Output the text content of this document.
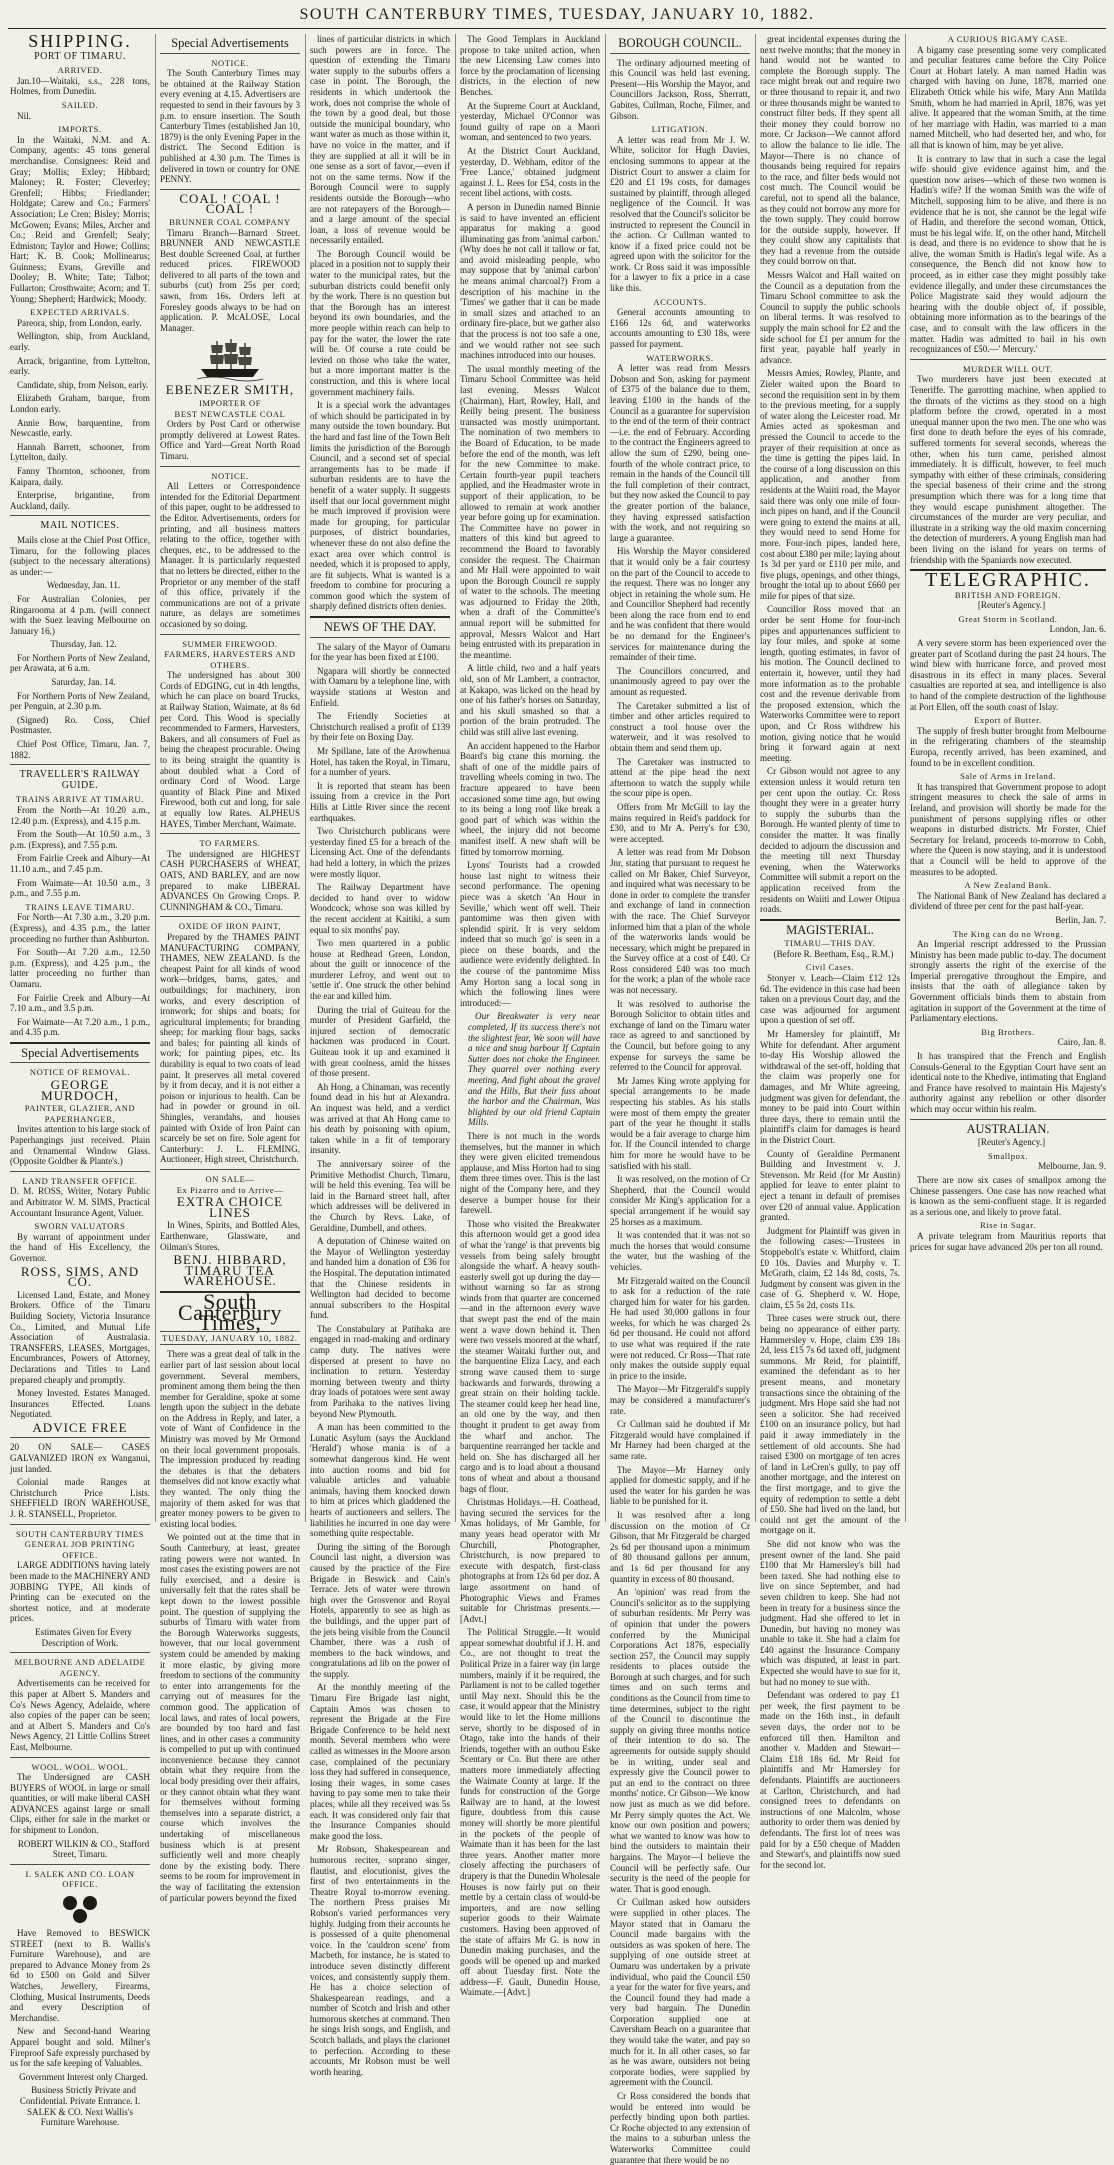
SOUTH CANTERBURY TIMES, TUESDAY, JANUARY 10, 1882.
SHIPPING.
PORT OF TIMARU.
ARRIVED.

Jan.10—Waitaki, s.s., 228 tons, Holmes, from Dunedin.

SAILED.

Nil.

IMPORTS.

In the Waitaki, N.M. and A. Company, agents: 45 tons general merchandise. Consignees: Reid and Gray; Mollis; Exley; Hibbard; Maloney; R. Foster; Cleverley; Grenfell; Hibbs; Friedlander; Holdgate; Carew and Co.; Farmers' Association; Le Cren; Bisley; Morris; McGowen; Evans; Miles, Archer and Co.; Reid and Grenfell; Sealy; Edmiston; Taylor and Howe; Collins; Hart; K. B. Cook; Mollinearus; Guinness; Evans, Greville and Dooley; B. White; Tate; Talbot; Fullarton; Crosthwaite; Acorn; and T. Young; Shepherd; Hardwick; Moody.

EXPECTED ARRIVALS.

Pareora, ship, from London, early.

Wellington, ship, from Auckland, early.

Arrack, brigantine, from Lyttelton, early.

Candidate, ship, from Nelson, early.

Elizabeth Graham, barque, from London early.

Annie Bow, barquentine, from Newcastle, early.

Hannah Barrett, schooner, from Lyttelton, daily.

Fanny Thornton, schooner, from Kaipara, daily.

Enterprise, brigantine, from Auckland, daily.

MAIL NOTICES.

Mails close at the Chief Post Office, Timaru, for the following places (subject to the necessary alterations) as under:—

Wednesday, Jan. 11.

For Australian Colonies, per Ringarooma at 4 p.m. (will connect with the Suez leaving Melbourne on January 16.)

Thursday, Jan. 12.

For Northern Ports of New Zealand, per Arawata, at 6 a.m.

Saturday, Jan. 14.

For Northern Ports of New Zealand, per Penguin, at 2.30 p.m.

(Signed) Ro. Coss, Chief Postmaster.

Chief Post Office, Timaru, Jan. 7, 1882.

TRAVELLER'S RAILWAY GUIDE.
TRAINS ARRIVE AT TIMARU.

From the North—At 10.20 a.m., 12.40 p.m. (Express), and 4.15 p.m.

From the South—At 10.50 a.m., 3 p.m. (Express), and 7.55 p.m.

From Fairlie Creek and Albury—At 11.10 a.m., and 7.45 p.m.

From Waimate—At 10.50 a.m., 3 p.m., and 7.55 p.m.

TRAINS LEAVE TIMARU.

For North—At 7.30 a.m., 3.20 p.m. (Express), and 4.35 p.m., the latter proceeding no further than Ashburton.

For South—At 7.20 a.m., 12.50 p.m. (Express), and 4.25 p.m., the latter proceeding no further than Oamaru.

For Fairlie Creek and Albury—At 7.10 a.m., and 3.5 p.m.

For Waimate—At 7.20 a.m., 1 p.m., and 4.35 p.m.

Special Advertisements
NOTICE OF REMOVAL.
GEORGE MURDOCH,
PAINTER, GLAZIER, AND PAPERHANGER,

Invites attention to his large stock of Paperhangings just received. Plain and Ornamental Window Glass. (Opposite Goldber & Plante's.)

LAND TRANSFER OFFICE.

D. M. ROSS, Writer, Notary Public and Arbitrator W. M. SIMS, Practical Accountant Insurance Agent, Valuer.

SWORN VALUATORS

By warrant of appointment under the hand of His Excellency, the Governor.

ROSS, SIMS, AND CO.

Licensed Land, Estate, and Money Brokers. Office of the Timaru Building Society, Victoria Insurance Co., Limited, and Mutual Life Association of Australasia. TRANSFERS, LEASES, Mortgages, Encumbrances, Powers of Attorney, Declarations and Titles to Land prepared cheaply and promptly.

Money Invested. Estates Managed. Insurances Effected. Loans Negotiated.

ADVICE FREE

20 ON SALE— CASES GALVANIZED IRON ex Wanganui, just landed.

Colonial made Ranges at Christchurch Price Lists. SHEFFIELD IRON WAREHOUSE, J. R. STANSELL, Proprietor.

SOUTH CANTERBURY TIMES GENERAL JOB PRINTING OFFICE.

LARGE ADDITIONS having lately been made to the MACHINERY AND JOBBING TYPE, All kinds of Printing can be executed on the shortest notice, and at moderate prices.

Estimates Given for Every Description of Work.

MELBOURNE AND ADELAIDE AGENCY.

Advertisements can be received for this paper at Albert S. Manders and Co's News Agency, Adelaide, where also copies of the paper can be seen; and at Albert S. Manders and Co's News Agency, 21 Little Collins Street East, Melbourne.

WOOL. WOOL. WOOL.

The Undersigned are CASH BUYERS of WOOL in large or small quantities, or will make liberal CASH ADVANCES against large or small Clips, either for sale in the market or for shipment to London.

ROBERT WILKIN & CO., Stafford Street, Timaru.

I. SALEK AND CO. LOAN OFFICE.

Have Removed to BESWICK STREET (next to B. Wallis's Furniture Warehouse), and are prepared to Advance Money from 2s 6d to £500 on Gold and Silver Watches, Jewellery, Firearms, Clothing, Musical Instruments, Deeds and every Description of Merchandise.

New and Second-hand Wearing Apparel bought and sold. Milner's Fireproof Safe expressly purchased by us for the safe keeping of Valuables.

Government Interest only Charged.

Business Strictly Private and Confidential. Private Entrance. I. SALEK & CO. Next Wallis's Furniture Warehouse.

Special Advertisements
NOTICE.

The South Canterbury Times may be obtained at the Railway Station every evening at 4.15. Advertisers are requested to send in their favours by 3 p.m. to ensure insertion. The South Canterbury Times (established Jan 10, 1879) is the only Evening Paper in the district. The Second Edition is published at 4.30 p.m. The Times is delivered in town or country for ONE PENNY.

COAL ! COAL ! COAL !
BRUNNER COAL COMPANY

Timaru Branch—Barnard Street. BRUNNER AND NEWCASTLE Best double Screened Coal, at further reduced prices. FIREWOOD delivered to all parts of the town and suburbs (cut) from 25s per cord; sawn, from 16s. Orders left at Foresley goods always to be had on application. P. McALOSE, Local Manager.

EBENEZER SMITH,
IMPORTER OF
BEST NEWCASTLE COAL

Orders by Post Card or otherwise promptly delivered at Lowest Rates. Office and Yard—Great North Road Timaru.

NOTICE.

All Letters or Correspondence intended for the Editorial Department of this paper, ought to be addressed to the Editor. Advertisements, orders for printing, and all business matters relating to the office, together with cheques, etc., to be addressed to the Manager. It is particularly requested that no letters be directed, either to the Proprietor or any member of the staff of this office, privately if the communications are not of a private nature, as delays are sometimes occasioned by so doing.

SUMMER FIREWOOD.
FARMERS, HARVESTERS AND OTHERS.

The undersigned has about 300 Cords of EDGING, cut in 4th lengths, which he can place on board Trucks, at Railway Station, Waimate, at 8s 6d per Cord. This Wood is specially recommended to Farmers, Harvesters, Bakers, and all consumers of Fuel as being the cheapest procurable. Owing to its being straight the quantity is about doubled what a Cord of ordinary Cord of Wood. Large quantity of Black Pine and Mixed Firewood, both cut and long, for sale at equally low Rates. ALPHEUS HAYES, Timber Merchant, Waimate.

TO FARMERS.

The undersigned are HIGHEST CASH PURCHASERS of WHEAT, OATS, AND BARLEY, and are now prepared to make LIBERAL ADVANCES On Growing Crops. P. CUNNINGHAM & CO., Timaru.

OXIDE OF IRON PAINT,

Prepared by the THAMES PAINT MANUFACTURING COMPANY, THAMES, NEW ZEALAND. Is the cheapest Paint for all kinds of wood work—bridges, barns, gates, and outbuildings; for machinery, iron works, and every description of ironwork; for ships and boats; for agricultural implements; for branding sheep; for marking flour bags, sacks and bales; for painting all kinds of work; for painting pipes, etc. Its durability is equal to two coats of lead paint. It preserves all metal covered by it from decay, and it is not either a poison or injurious to health. Can be had in powder or ground in oil. Shingles, verandahs, and houses painted with Oxide of Iron Paint can scarcely be set on fire. Sole agent for Canterbury: J. L. FLEMING, Auctioneer, High street, Christchurch.

ON SALE—
Ex Pizarro and to Arrive—
EXTRA CHOICE LINES

In Wines, Spirits, and Bottled Ales, Earthenware, Glassware, and Oilman's Stores.

BENJ. HIBBARD, TIMARU TEA WAREHOUSE.
South Canterbury Times,
TUESDAY, JANUARY 10, 1882.

There was a great deal of talk in the earlier part of last session about local government. Several members, prominent among them being the then member for Geraldine, spoke at some length upon the subject in the debate on the Address in Reply, and later, a vote of Want of Confidence in the Ministry was moved by Mr Ormond on their local government proposals. The impression produced by reading the debates is that the debaters themselves did not know exactly what they wanted. The only thing the majority of them asked for was that greater money powers to be given to existing local bodies.

We pointed out at the time that in South Canterbury, at least, greater rating powers were not wanted. In most cases the existing powers are not fully exercised, and a desire is universally felt that the rates shall be kept down to the lowest possible point. The question of supplying the suburbs of Timaru with water from the Borough Waterworks suggests, however, that our local government system could be amended by making it more elastic, by giving more freedom to sections of the community to enter into arrangements for the carrying out of measures for the common good. The application of local laws, and rates of local powers, are bounded by too hard and fast lines, and in other cases a community is compelled to put up with continued inconvenience because they cannot obtain what they require from the local body presiding over their affairs, or they cannot obtain what they want for themselves without forming themselves into a separate district, a course which involves the undertaking of miscellaneous business which is at present sufficiently well and more cheaply done by the existing body. There seems to be room for improvement in the way of facilitating the extension of particular powers beyond the fixed

lines of particular districts in which such powers are in force. The question of extending the Timaru water supply to the suburbs offers a case in point. The Borough, the residents in which undertook the work, does not comprise the whole of the town by a good deal, but those outside the municipal boundary, who want water as much as those within it, have no voice in the matter, and if they are supplied at all it will be in one sense as a sort of favor,—even if not on the same terms. Now if the Borough Council were to supply residents outside the Borough—who are not ratepayers of the Borough—and a large amount of the special loan, a loss of revenue would be necessarily entailed.

The Borough Council would be placed in a position not to supply their water to the municipal rates, but the suburban districts could benefit only by the work. There is no question but that the Borough has an interest beyond its own boundaries, and the more people within reach can help to pay for the water, the lower the rate will be. Of course a rate could be levied on those who take the water, but a more important matter is the construction, and this is where local government machinery fails.

It is a special work the advantages of which should be participated in by many outside the town boundary. But the hard and fast line of the Town Belt limits the jurisdiction of the Borough Council, and a second set of special arrangements has to be made if suburban residents are to have the benefit of a water supply. It suggests itself that our local government might be much improved if provision were made for grouping, for particular purposes, of district boundaries, whenever these do not also define the exact area over which control is needed, which it is proposed to apply, are fit subjects. What is wanted is a freedom to combine for procuring a common good which the system of sharply defined districts often denies.

NEWS OF THE DAY.

The salary of the Mayor of Oamaru for the year has been fixed at £100.

Ngapara will shortly be connected with Oamaru by a telephone line, with wayside stations at Weston and Enfield.

The Friendly Societies at Christchurch realised a profit of £139 by their fete on Boxing Day.

Mr Spillane, late of the Arowhenua Hotel, has taken the Royal, in Timaru, for a number of years.

It is reported that steam has been issuing from a crevice in the Port Hills at Little River since the recent earthquakes.

Two Christchurch publicans were yesterday fined £5 for a breach of the Licensing Act. One of the defendants had held a lottery, in which the prizes were mostly liquor.

The Railway Department have decided to hand over to widow Woodcock, whose son was killed by the recent accident at Kaitiki, a sum equal to six months' pay.

Two men quartered in a public house at Redhead Green, London, about the guilt or innocence of the murderer Lefroy, and went out to 'settle it'. One struck the other behind the ear and killed him.

During the trial of Guiteau for the murder of President Garfield, the injured section of democratic hackmen was produced in Court. Guiteau took it up and examined it with great coolness, amid the hisses of those present.

Ah Hong, a Chinaman, was recently found dead in his hut at Alexandra. An inquest was held, and a verdict was arrived at that Ah Hong came to his death by poisoning with opium, taken while in a fit of temporary insanity.

The anniversary soiree of the Primitive Methodist Church, Timaru, will be held this evening. Tea will be laid in the Barnard street hall, after which addresses will be delivered in the Church by Revs. Lake, of Geraldine, Dumbell, and others.

A deputation of Chinese waited on the Mayor of Wellington yesterday and handed him a donation of £36 for the Hospital. The deputation intimated that the Chinese residents in Wellington had decided to become annual subscribers to the Hospital fund.

The Constabulary at Patihaka are engaged in road-making and ordinary camp duty. The natives were dispersed at present to have no inclination to return. Yesterday morning between twenty and thirty dray loads of potatoes were sent away from Parihaka to the natives living beyond New Plymouth.

A man has been committed to the Lunatic Asylum (says the Auckland 'Herald') whose mania is of a somewhat dangerous kind. He went into auction rooms and bid for valuable articles and valuable animals, having them knocked down to him at prices which gladdened the hearts of auctioneers and sellers. The liabilities he incurred in one day were something quite respectable.

During the sitting of the Borough Council last night, a diversion was caused by the practice of the Fire Brigade in Beswick and Cain's Terrace. Jets of water were thrown high over the Grosvenor and Royal Hotels, apparently to see as high as the buildings, and the upper part of the jets being visible from the Council Chamber, there was a rush of members to the back windows, and congratulations ad lib on the power of the supply.

At the monthly meeting of the Timaru Fire Brigade last night, Captain Amos was chosen to represent the Brigade at the Fire Brigade Conference to be held next month. Several members who were called as witnesses in the Moore arson case, complained of the pecuniary loss they had suffered in consequence, losing their wages, in some cases having to pay some men to take their places, while all they received was 5s each. It was considered only fair that the Insurance Companies should make good the loss.

Mr Robson, Shakespearean and humorous reciter, soprano singer, flautist, and elocutionist, gives the first of two entertainments in the Theatre Royal to-morrow evening. The northern Press praises Mr Robson's varied performances very highly. Judging from their accounts he is possessed of a quite phenomenal voice. In the 'cauldron scene' from Macbeth, for instance, he is stated to introduce seven distinctly different voices, and consistently supply them. He has a choice selection of Shakespearean readings, and a number of Scotch and Irish and other humorous sketches at command. Then he sings Irish songs, and English, and Scotch ballads, and plays the clarionet to perfection. According to these accounts, Mr Robson must be well worth hearing.

The Good Templars in Auckland propose to take united action, when the new Licensing Law comes into force by the proclamation of licensing districts, in the election of new Benches.

At the Supreme Court at Auckland, yesterday, Michael O'Connor was found guilty of rape on a Maori woman, and sentenced to two years.

At the District Court Auckland, yesterday, D. Webham, editor of the 'Free Lance,' obtained judgment against J. L. Rees for £54, costs in the recent libel actions, with costs.

A person in Dunedin named Binnie is said to have invented an efficient apparatus for making a good illuminating gas from 'animal carbon.' (Why does he not call it tallow or fat, and avoid misleading people, who may suppose that by 'animal carbon' he means animal charcoal?) From a description of his machine in the 'Times' we gather that it can be made in small sizes and attached to an ordinary fire-place, but we gather also that the process is not too safe a one, and we would rather not see such machines introduced into our houses.

The usual monthly meeting of the Timaru School Committee was held last evening. Messrs Walcot (Chairman), Hart, Rowley, Hall, and Reilly being present. The business transacted was mostly unimportant. The nomination of two members to the Board of Education, to be made before the end of the month, was left for the new Committee to make. Certain fourth-year pupil teachers applied, and the Headmaster wrote in support of their application, to be allowed to remain at work another year before going up for examination. The Committee have no power in matters of this kind but agreed to recommend the Board to favorably consider the request. The Chairman and Mr Hall were appointed to wait upon the Borough Council re supply of water to the schools. The meeting was adjourned to Friday the 20th, when a draft of the Committee's annual report will be submitted for approval, Messrs Walcot and Hart being entrusted with its preparation in the meantime.

A little child, two and a half years old, son of Mr Lambert, a contractor, at Kakapo, was licked on the head by one of his father's horses on Saturday, and his skull smashed so that a portion of the brain protruded. The child was still alive last evening.

An accident happened to the Harbor Board's big crane this morning. the shaft of one of the middle pairs of travelling wheels coming in two. The fracture appeared to have been occasioned some time ago, but owing to its being a long roof like break a good part of which was within the wheel, the injury did not become manifest itself. A new shaft will be fitted by tomorrow morning.

Lyons' Tourists had a crowded house last night to witness their second performance. The opening piece was a sketch 'An Hour in Seville,' which went off well. Their pantomime was then given with splendid spirit. It is very seldom indeed that so much 'go' is seen in a piece on these boards, and the audience were evidently delighted. In the course of the pantomime Miss Amy Horton sang a local song in which the following lines were introduced:—

Our Breakwater is very near completed, If its success there's not the slightest fear, We soon will have a nice and snug harbour If Captain Sutter does not choke the Engineer. They quarrel over nothing every meeting, And fight about the gravel and the Hills, But their fuss about the harbor and the Chairman, Was blighted by our old friend Captain Mills.

There is not much in the words themselves, but the manner in which they were given elicited tremendous applause, and Miss Horton had to sing them three times over. This is the last night of the Company here, and they deserve a bumper house for their farewell.

Those who visited the Breakwater this afternoon would get a good idea of what the 'range' is that prevents big vessels from being safely brought alongside the wharf. A heavy south-easterly swell got up during the day—without warning so far as strong winds from that quarter are concerned—and in the afternoon every wave that swept past the end of the main went a wave down behind it. Then were two vessels moored at the wharf, the steamer Waitaki further out, and the barquentine Eliza Lacy, and each strong wave caused them to surge backwards and forwards, throwing a great strain on their holding tackle. The steamer could keep her head line, an old one by the way, and then thought it prudent to get away from the wharf and anchor. The barquentine rearranged her tackle and held on. She has discharged all her cargo and is to load about a thousand tons of wheat and about a thousand bags of flour.

Christmas Holidays.—H. Coathead, having secured the services for the Xmas holidays, of Mr Gamble, for many years head operator with Mr Churchill, Photographer, Christchurch, is now prepared to execute with despatch, first-class photographs at from 12s 6d per doz. A large assortment on hand of Photographic Views and Frames suitable for Christmas presents.—[Advt.]

The Political Struggle.—It would appear somewhat doubtful if J. H. and Co., are not thought to treat the Political Prize in a fairer way (in large numbers, mainly if it be required, the Parliament is not to be called together until May next. Should this be the case, it would appear that the Ministry would like to let the Home millions serve, shortly to be disposed of in Otago, take into the hands of their friends, together with an outhou Eske Scentary or Co. But there are other matters more immediately affecting the Waimate County at large. If the funds for construction of the Gorge Railway are to hand, at the lowest figure, doubtless from this cause money will shortly be more plentiful in the pockets of the people of Waimate than it has been for the last three years. Another matter more closely affecting the purchasers of drapery is that the Dunedin Wholesale Houses is now fairly put on their mettle by a certain class of would-be importers, and are now selling superior goods to their Waimate customers. Having been approved of the state of affairs Mr G. is now in Dunedin making purchases, and the goods will be opened up and marked off about Tuesday first. Note the address—F. Gault, Dunedin House, Waimate.—[Advt.]

BOROUGH COUNCIL.

The ordinary adjourned meeting of this Council was held last evening. Present—His Worship the Mayor, and Councillors Jackson, Ross, Sherratt, Gabites, Cullman, Roche, Filmer, and Gibson.

LITIGATION.

A letter was read from Mr J. W. White, solicitor for Hugh Davies, enclosing summons to appear at the District Court to answer a claim for £20 and £1 19s costs, for damages sustained by plaintiff, through alleged negligence of the Council. It was resolved that the Council's solicitor be instructed to represent the Council in the action. Cr Cullman wanted to know if a fixed price could not be agreed upon with the solicitor for the work. Cr Ross said it was impossible for a lawyer to fix a price in a case like this.

ACCOUNTS.

General accounts amounting to £166 12s 6d, and waterworks accounts amounting to £30 18s, were passed for payment.

WATERWORKS.

A letter was read from Messrs Dobson and Son, asking for payment of £375 of the balance due to them, leaving £100 in the hands of the Council as a guarantee for supervision to the end of the term of their contract—i.e. the end of February. According to the contract the Engineers agreed to allow the sum of £290, being one-fourth of the whole contract price, to remain in the hands of the Council till the full completion of their contract, but they now asked the Council to pay the greater portion of the balance, they having expressed satisfaction with the work, and not requiring so large a guarantee.

His Worship the Mayor considered that it would only be a fair courtesy on the part of the Council to accede to the request. There was no longer any object in retaining the whole sum. He and Councillor Shepherd had recently been along the race from end to end and he was confident that there would be no demand for the Engineer's services for maintenance during the remainder of their time.

The Councillors concurred, and unanimously agreed to pay over the amount as requested.

The Caretaker submitted a list of timber and other articles required to construct a tool house over the waterweir, and it was resolved to obtain them and send them up.

The Caretaker was instructed to attend at the pipe head the next afternoon to watch the supply while the scour pipe is open.

Offers from Mr McGill to lay the mains required in Reid's paddock for £30, and to Mr A. Perry's for £30, were accepted.

A letter was read from Mr Dobson Jnr, stating that pursuant to request he called on Mr Baker, Chief Surveyor, and inquired what was necessary to be done in order to complete the transfer and exchange of land in connection with the race. The Chief Surveyor informed him that a plan of the whole of the waterworks lands would be necessary, which might be prepared in the Survey office at a cost of £40. Cr Ross considered £40 was too much for the work; a plan of the whole race was not necessary.

It was resolved to authorise the Borough Solicitor to obtain titles and exchange of land on the Timaru water race as agreed to and sanctioned by the Council, but before going to any expense for surveys the same be referred to the Council for approval.

Mr James King wrote applying for special arrangements to be made respecting his stables. As his stalls were most of them empty the greater part of the year he thought it stalls would be a fair average to charge him for. If the Council intended to charge him for more he would have to be satisfied with his stall.

It was resolved, on the motion of Cr Shepherd, that the Council would consider Mr King's application for a special arrangement if he would say 25 horses as a maximum.

It was contended that it was not so much the horses that would consume the water, but the washing of the vehicles.

Mr Fitzgerald waited on the Council to ask for a reduction of the rate charged him for water for his garden. He had used 30,000 gallons in four weeks, for which he was charged 2s 6d per thousand. He could not afford to use what was required if the rate were not reduced. Cr Ross—That rate only makes the outside supply equal in price to the inside.

The Mayor—Mr Fitzgerald's supply may be considered a manufacturer's rate.

Cr Cullman said he doubted if Mr Fitzgerald would have complained if Mr Harney had been charged at the same rate.

The Mayor—Mr Harney only applied for domestic supply, and if he used the water for his garden he was liable to be punished for it.

It was resolved after a long discussion on the motion of Cr Gibson, that Mr Fitzgerald be charged 2s 6d per thousand upon a minimum of 80 thousand gallons per annum, and 1s 6d per thousand for any quantity in excess of 80 thousand.

An 'opinion' was read from the Council's solicitor as to the supplying of suburban residents. Mr Perry was of opinion that under the powers conferred by the Municipal Corporations Act 1876, especially section 257, the Council may supply residents to places outside the Borough at such charges, and for such times and on such terms and conditions as the Council from time to time determines, subject to the right of the Council to discontinue the supply on giving three months notice of their intention to do so. The agreements for outside supply should be in writing, under seal and expressly give the Council power to put an end to the contract on three months' notice. Cr Gibson—We know now just as much as we did before. Mr Perry simply quotes the Act. We know our own position and powers; what we wanted to know was how to bind the outsiders to maintain their bargains. The Mayor—I believe the Council will be perfectly safe. Our security is the need of the people for water. That is good enough.

Cr Cullman asked how outsiders were supplied in other places. The Mayor stated that in Oamaru the Council made bargains with the outsiders as was spoken of here. The supplying of one outside street at Oamaru was undertaken by a private individual, who paid the Council £50 a year for the water for five years, and the Council found they had made a very bad bargain. The Dunedin Corporation supplied one at Caversham Beach on a guarantee that they would take the water, and pay so much for it. In all other cases, so far as he was aware, outsiders not being corporate bodies, were supplied by agreement with the Council.

Cr Ross considered the bonds that would be entered into would be perfectly binding upon both parties. Cr Roche objected to any extension of the mains to a suburban unless the Waterworks Committee could guarantee that there would be no

great incidental expenses during the next twelve months; that the money in hand would not be wanted to complete the Borough supply. The race might break out and require two or three thousand to repair it, and two or three thousands might be wanted to construct filter beds. If they spent all their money they could borrow no more. Cr Jackson—We cannot afford to allow the balance to lie idle. The Mayor—There is no chance of thousands being required for repairs to the race, and filter beds would not cost much. The Council would be careful, not to spend all the balance, as they could not borrow any more for the town supply. They could borrow for the outside supply, however. If they could show any capitalists that they had a revenue from the outside they could borrow on that.

Messrs Walcot and Hall waited on the Council as a deputation from the Timaru School committee to ask the Council to supply the public schools on liberal terms. It was resolved to supply the main school for £2 and the side school for £1 per annum for the first year, payable half yearly in advance.

Messrs Amies, Rowley, Plante, and Zieler waited upon the Board to second the requisition sent in by them to the previous meeting, for a supply of water along the Leicester road. Mr Amies acted as spokesman and pressed the Council to accede to the prayer of their requisition at once as the time is getting the pipes laid. In the course of a long discussion on this application, and another from residents at the Waiiti road, the Mayor said there was only one mile of four-inch pipes on hand, and if the Council were going to extend the mains at all, they would need to send Home for more. Four-inch pipes, landed here, cost about £380 per mile; laying about 1s 3d per yard or £110 per mile, and five plugs, openings, and other things, brought the total up to about £660 per mile for pipes of that size.

Councillor Ross moved that an order be sent Home for four-inch pipes and appurtenances sufficient to lay four miles, and spoke at some length, quoting estimates, in favor of his motion. The Council declined to entertain it, however, until they had more information as to the probable cost and the revenue derivable from the proposed extension, which the Waterworks Committee were to report upon, and Cr Ross withdrew his motion, giving notice that he would bring it forward again at next meeting.

Cr Gibson would not agree to any extension unless it would return ten per cent upon the outlay. Cr. Ross thought they were in a greater hurry to supply the suburbs than the Borough. He wanted plenty of time to consider the matter. It was finally decided to adjourn the discussion and the meeting till next Thursday evening, when the Waterworks Committee will submit a report on the application received from the residents on Waiiti and Lower Otipua roads.

MAGISTERIAL.
TIMARU—THIS DAY.

(Before R. Beetham, Esq., R.M.)

Civil Cases.

Stonyer v. Leach—Claim £12 12s 6d. The evidence in this case had been taken on a previous Court day, and the case was adjourned for argument upon a question of set off.

Mr Hamersley for plaintiff, Mr White for defendant. After argument to-day His Worship allowed the withdrawal of the set-off, holding that the claim was properly one for damages, and Mr White agreeing, judgment was given for defendant, the money to be paid into Court within three days, there to remain until the plaintiff's claim for damages is heard in the District Court.

County of Geraldine Permanent Building and Investment v. J. Stevenson. Mr Reid (for Mr Austin) applied for leave to enter plaint to eject a tenant in default of premises over £20 of annual value. Application granted.

Judgment for Plaintiff was given in the following cases:—Trustees in Stoppebolt's estate v. Whitford, claim £0 10s. Davies and Murphy v. T. McGrath, claim, £2 14s 8d, costs, 7s. Judgment by consent was given in the case of G. Shepherd v. W. Hope, claim, £5 5s 2d, costs 11s.

Three cases were struck out, there being no appearance of either party. Hammersley v. Hope, claim £39 18s 2d, less £15 7s 6d taxed off, judgment summons. Mr Reid, for plaintiff, examined the defendant as to her present means, and monetary transactions since the obtaining of the judgment. Mrs Hope said she had not seen a solicitor. She had received £100 on an insurance policy, but had paid it away immediately in the settlement of old accounts. She had raised £300 on mortgage of ten acres of land in LeCren's gully, to pay off another mortgage, and the interest on the first mortgage, and to give the equity of redemption to settle a debt of £50. She had lived on the land, but could not get the amount of the mortgage on it.

She did not know who was the present owner of the land. She paid £100 that Mr Hamersley's bill had been taxed. She had nothing else to live on since September, and had seven children to keep. She had not been in treaty for a business since the judgment. Had she offered to let in Dunedin, but having no money was unable to take it. She had a claim for £40 against the Insurance Company which was disputed, at least in part. Expected she would have to sue for it, but had no money to sue with.

Defendant was ordered to pay £1 per week, the first payment to be made on the 16th inst., in default seven days, the order not to be enforced till then. Hamilton and another v. Madden and Stewart—Claim £18 18s 6d. Mr Reid for plaintiffs and Mr Hamersley for defendants. Plaintiffs are auctioneers at Carlton, Christchurch, and had consigned trees to defendants on instructions of one Malcolm, whose authority to order them was denied by defendants. The first lot of trees was paid for by a £50 cheque of Madden and Stewart's, and plaintiffs now sued for the second lot.

A CURIOUS BIGAMY CASE.

A bigamy case presenting some very complicated and peculiar features came before the City Police Court at Hobart lately. A man named Hadin was charged with having on June, 1878, married one Elizabeth Ottick while his wife, Mary Ann Matilda Smith, whom he had married in April, 1876, was yet alive. It appeared that the woman Smith, at the time of her marriage with Hadin, was married to a man named Mitchell, who had deserted her, and who, for all that is known of him, may be yet alive.

It is contrary to law that in such a case the legal wife should give evidence against him, and the question now arises—which of these two women is Hadin's wife? If the woman Smith was the wife of Mitchell, supposing him to be alive, and there is no evidence that he is not, she cannot be the legal wife of Hadin, and therefore the second woman, Ottick, must be his legal wife. If, on the other hand, Mitchell is dead, and there is no evidence to show that he is alive, the woman Smith is Hadin's legal wife. As a consequence, the Bench did not know how to proceed, as in either case they might possibly take evidence illegally, and under these circumstances the Police Magistrate said they would adjourn the hearing with the double object of, if possible, obtaining more information as to the bearings of the case, and to consult with the law officers in the matter. Hadin was admitted to bail in his own recognizances of £50.—' Mercury.'

MURDER WILL OUT.

Two murderers have just been executed at Teneriffe. The garrotting machine, when applied to the throats of the victims as they stood on a high platform before the crowd, operated in a most unequal manner upon the two men. The one who was first done to death before the eyes of his comrade, suffered torments for several seconds, whereas the other, when his turn came, perished almost immediately. It is difficult, however, to feel much sympathy with either of these criminals, considering the special baseness of their crime and the strong presumption which there was for a long time that they would escape punishment altogether. The circumstances of the murder are very peculiar, and illustrate in a striking way the old maxim concerning the detection of murderers. A young English man had been living on the island for years on terms of friendship with the Spaniards now executed.

TELEGRAPHIC.
BRITISH AND FOREIGN.

[Reuter's Agency.]

Great Storm in Scotland.

London, Jan. 6.

A very severe storm has been experienced over the greater part of Scotland during the past 24 hours. The wind blew with hurricane force, and proved most disastrous in its effect in many places. Several casualties are reported at sea, and intelligence is also to hand of the complete destruction of the lighthouse at Port Ellen, off the south coast of Islay.

Export of Butter.

The supply of fresh butter brought from Melbourne in the refrigerating chambers of the steamship Europa, recently arrived, has been examined, and found to be in excellent condition.

Sale of Arms in Ireland.

It has transpired that Government propose to adopt stringent measures to check the sale of arms in Ireland, and provision will shortly be made for the punishment of persons supplying rifles or other weapons in disturbed districts. Mr Forster, Chief Secretary for Ireland, proceeds to-morrow to Cobh, where the Queen is now staying, and it is understood that a Council will be held to approve of the measures to be adopted.

A New Zealand Bank.

The National Bank of New Zealand has declared a dividend of three per cent for the past half-year.

Berlin, Jan. 7.

The King can do no Wrong.

An Imperial rescript addressed to the Prussian Ministry has been made public to-day. The document strongly asserts the right of the exercise of the Imperial prerogative throughout the Empire, and insists that the oath of allegiance taken by Government officials binds them to abstain from agitation in support of the Government at the time of Parliamentary elections.

Big Brothers.

Cairo, Jan. 8.

It has transpired that the French and English Consuls-General to the Egyptian Court have sent an identical note to the Khedive, intimating that England and France have resolved to maintain His Majesty's authority against any rebellion or other disorder which may occur within his realm.

AUSTRALIAN.

[Reuter's Agency.]

Smallpox.

Melbourne, Jan. 9.

There are now six cases of smallpox among the Chinese passengers. One case has now reached what is known as the semi-confluent stage. It is regarded as a serious one, and likely to prove fatal.

Rise in Sugar.

A private telegram from Mauritius reports that prices for sugar have advanced 20s per ton all round.
